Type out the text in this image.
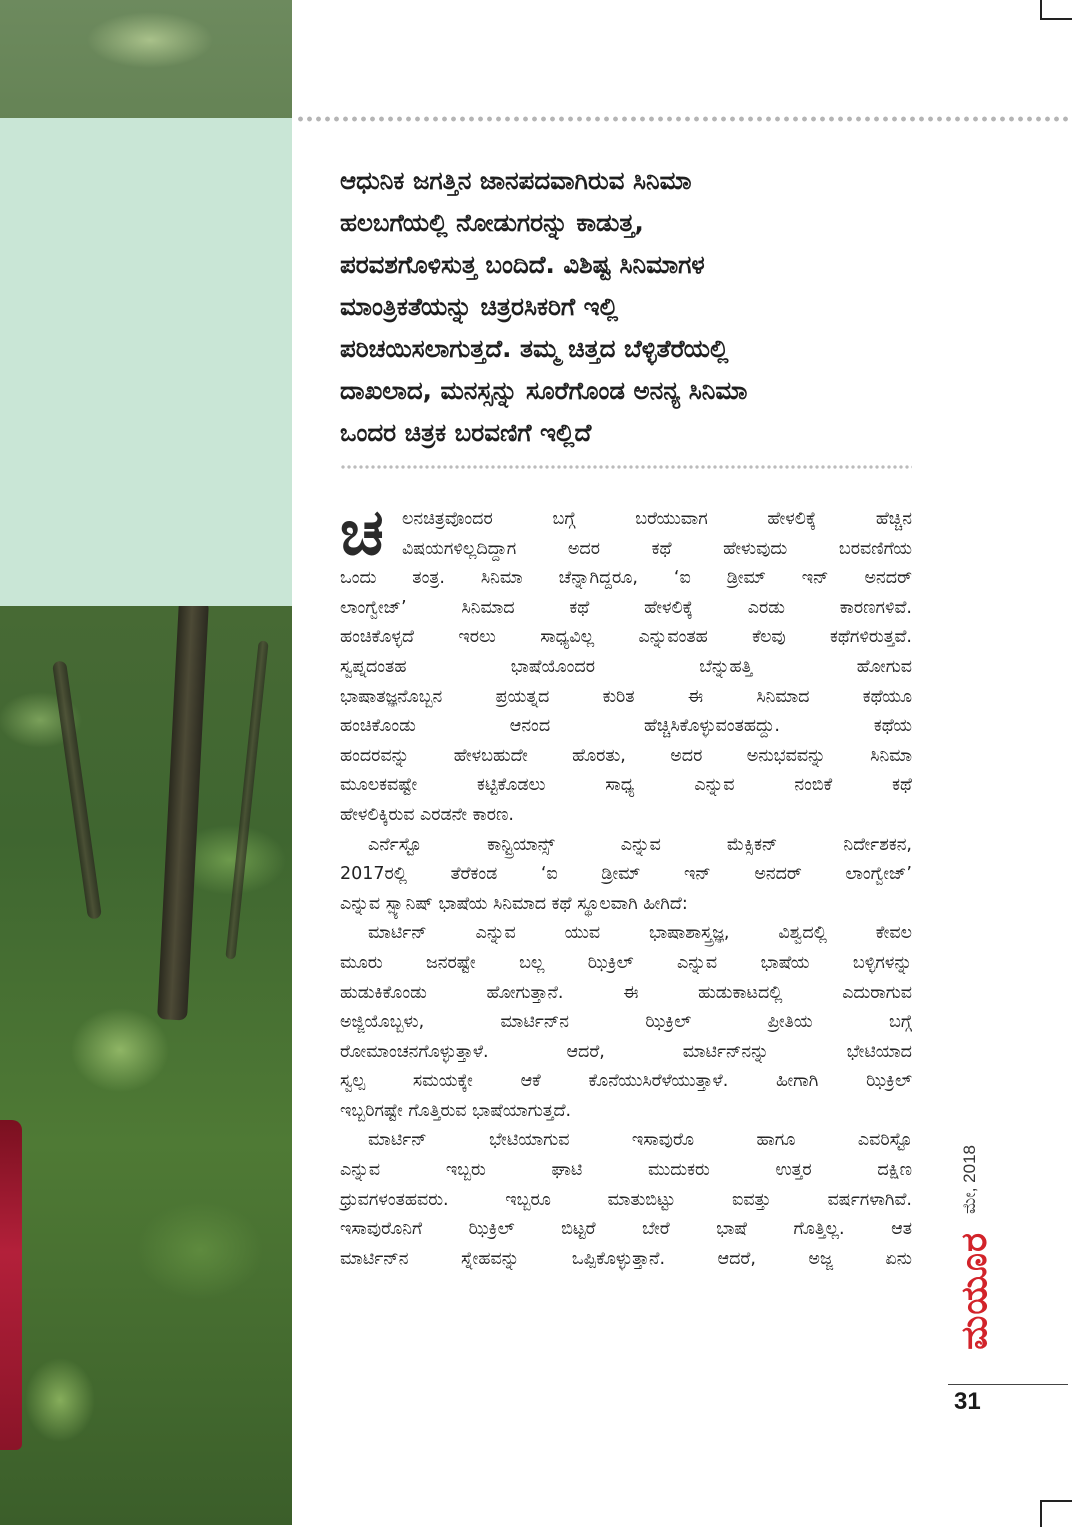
ಆಧುನಿಕ ಜಗತ್ತಿನ ಜಾನಪದವಾಗಿರುವ ಸಿನಿಮಾ

ಹಲಬಗೆಯಲ್ಲಿ ನೋಡುಗರನ್ನು ಕಾಡುತ್ತ,

ಪರವಶಗೊಳಿಸುತ್ತ ಬಂದಿದೆ. ವಿಶಿಷ್ಟ ಸಿನಿಮಾಗಳ

ಮಾಂತ್ರಿಕತೆಯನ್ನು ಚಿತ್ರರಸಿಕರಿಗೆ ಇಲ್ಲಿ

ಪರಿಚಯಿಸಲಾಗುತ್ತದೆ. ತಮ್ಮ ಚಿತ್ತದ ಬೆಳ್ಳಿತೆರೆಯಲ್ಲಿ

ದಾಖಲಾದ, ಮನಸ್ಸನ್ನು ಸೂರೆಗೊಂಡ ಅನನ್ಯ ಸಿನಿಮಾ

ಒಂದರ ಚಿತ್ರಕ ಬರವಣಿಗೆ ಇಲ್ಲಿದೆ

ಚ	ಲನಚಿತ್ರವೊಂದರ ಬಗ್ಗೆ ಬರೆಯುವಾಗ ಹೇಳಲಿಕ್ಕೆ ಹೆಚ್ಚಿನ
ವಿಷಯಗಳಿಲ್ಲದಿದ್ದಾಗ ಅದರ ಕಥೆ ಹೇಳುವುದು ಬರವಣಿಗೆಯ
ಒಂದು ತಂತ್ರ. ಸಿನಿಮಾ ಚೆನ್ನಾಗಿದ್ದರೂ, ‘ಐ ಡ್ರೀಮ್ ಇನ್ ಅನದರ್
ಲಾಂಗ್ವೇಜ್’ ಸಿನಿಮಾದ ಕಥೆ ಹೇಳಲಿಕ್ಕೆ ಎರಡು ಕಾರಣಗಳಿವೆ.
ಹಂಚಿಕೊಳ್ಳದೆ ಇರಲು ಸಾಧ್ಯವಿಲ್ಲ ಎನ್ನುವಂತಹ ಕೆಲವು ಕಥೆಗಳಿರುತ್ತವೆ.
ಸ್ವಪ್ನದಂತಹ ಭಾಷೆಯೊಂದರ ಬೆನ್ನುಹತ್ತಿ ಹೋಗುವ
ಭಾಷಾತಜ್ಞನೊಬ್ಬನ ಪ್ರಯತ್ನದ ಕುರಿತ ಈ ಸಿನಿಮಾದ ಕಥೆಯೂ
ಹಂಚಿಕೊಂಡು ಆನಂದ ಹೆಚ್ಚಿಸಿಕೊಳ್ಳುವಂತಹದ್ದು. ಕಥೆಯ
ಹಂದರವನ್ನು ಹೇಳಬಹುದೇ ಹೊರತು, ಅದರ ಅನುಭವವನ್ನು ಸಿನಿಮಾ
ಮೂಲಕವಷ್ಟೇ ಕಟ್ಟಿಕೊಡಲು ಸಾಧ್ಯ ಎನ್ನುವ ನಂಬಿಕೆ ಕಥೆ
ಹೇಳಲಿಕ್ಕಿರುವ ಎರಡನೇ ಕಾರಣ.
ಎರ್ನೆಸ್ಟೊ ಕಾನ್ಟ್ರಿಯಾನ್ಸ್ ಎನ್ನುವ ಮೆಕ್ಸಿಕನ್ ನಿರ್ದೇಶಕನ,
2017ರಲ್ಲಿ ತೆರೆಕಂಡ ‘ಐ ಡ್ರೀಮ್ ಇನ್ ಅನದರ್ ಲಾಂಗ್ವೇಜ್’
ಎನ್ನುವ ಸ್ಪ್ಯಾನಿಷ್ ಭಾಷೆಯ ಸಿನಿಮಾದ ಕಥೆ ಸ್ಥೂಲವಾಗಿ ಹೀಗಿದೆ:
ಮಾರ್ಟಿನ್ ಎನ್ನುವ ಯುವ ಭಾಷಾಶಾಸ್ತ್ರಜ್ಞ, ವಿಶ್ವದಲ್ಲಿ ಕೇವಲ
ಮೂರು ಜನರಷ್ಟೇ ಬಲ್ಲ ಝಿಕ್ರಿಲ್ ಎನ್ನುವ ಭಾಷೆಯ ಬಳ್ಳಿಗಳನ್ನು
ಹುಡುಕಿಕೊಂಡು ಹೋಗುತ್ತಾನೆ. ಈ ಹುಡುಕಾಟದಲ್ಲಿ ಎದುರಾಗುವ
ಅಜ್ಜಿಯೊಬ್ಬಳು, ಮಾರ್ಟಿನ್‌ನ ಝಿಕ್ರಿಲ್ ಪ್ರೀತಿಯ ಬಗ್ಗೆ
ರೋಮಾಂಚನಗೊಳ್ಳುತ್ತಾಳೆ. ಆದರೆ, ಮಾರ್ಟಿನ್‌ನನ್ನು ಭೇಟಿಯಾದ
ಸ್ವಲ್ಪ ಸಮಯಕ್ಕೇ ಆಕೆ ಕೊನೆಯುಸಿರೆಳೆಯುತ್ತಾಳೆ. ಹೀಗಾಗಿ ಝಿಕ್ರಿಲ್
ಇಬ್ಬರಿಗಷ್ಟೇ ಗೊತ್ತಿರುವ ಭಾಷೆಯಾಗುತ್ತದೆ.
ಮಾರ್ಟಿನ್ ಭೇಟಿಯಾಗುವ ಇಸಾವುರೊ ಹಾಗೂ ಎವರಿಸ್ಟೊ
ಎನ್ನುವ ಇಬ್ಬರು ಘಾಟಿ ಮುದುಕರು ಉತ್ತರ ದಕ್ಷಿಣ
ಧ್ರುವಗಳಂತಹವರು. ಇಬ್ಬರೂ ಮಾತುಬಿಟ್ಟು ಐವತ್ತು ವರ್ಷಗಳಾಗಿವೆ.
ಇಸಾವುರೊನಿಗೆ ಝಿಕ್ರಿಲ್ ಬಿಟ್ಟರೆ ಬೇರೆ ಭಾಷೆ ಗೊತ್ತಿಲ್ಲ. ಆತ
ಮಾರ್ಟಿನ್‌ನ ಸ್ನೇಹವನ್ನು ಒಪ್ಪಿಕೊಳ್ಳುತ್ತಾನೆ. ಆದರೆ, ಅಜ್ಜ ಏನು
ಮೇ, 2018
ಮಯೂರ
31
